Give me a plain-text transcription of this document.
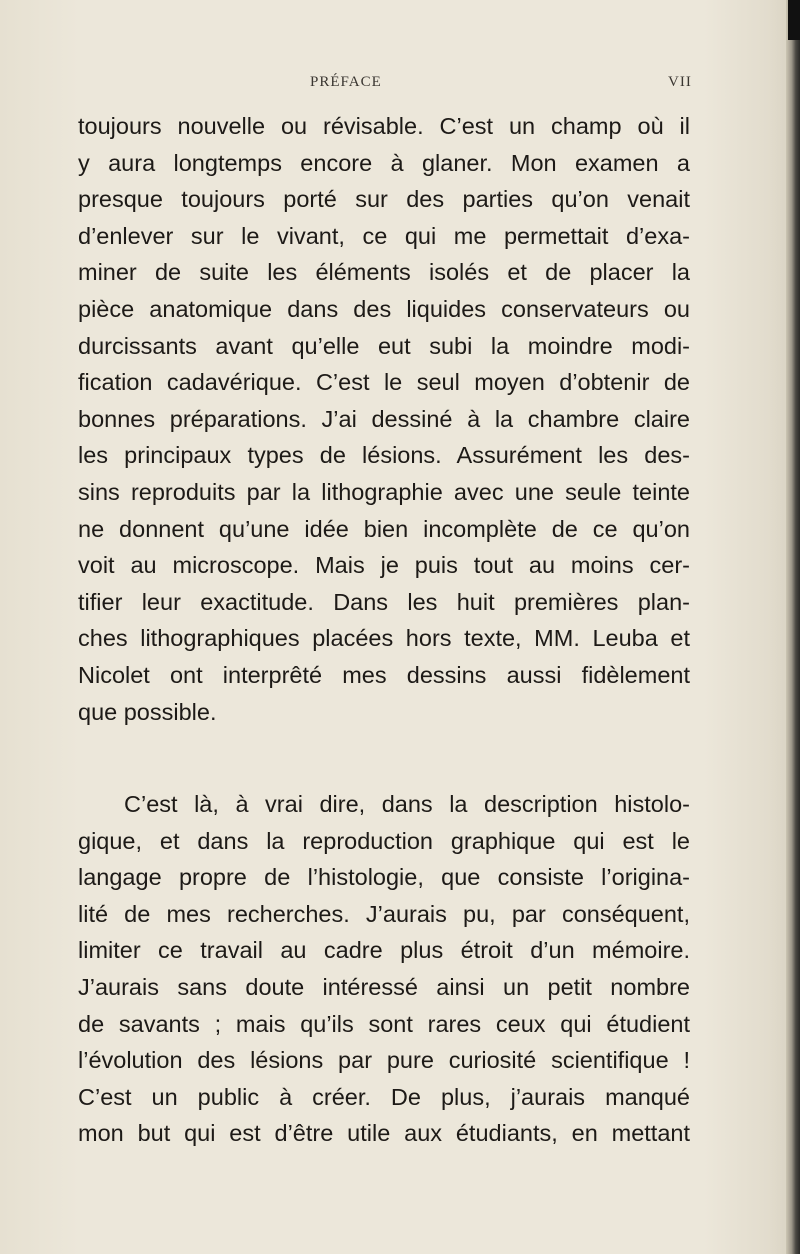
PRÉFACE	VII
toujours nouvelle ou révisable. C’est un champ où il
y aura longtemps encore à glaner. Mon examen a
presque toujours porté sur des parties qu’on venait
d’enlever sur le vivant, ce qui me permettait d’exa-
miner de suite les éléments isolés et de placer la
pièce anatomique dans des liquides conservateurs ou
durcissants avant qu’elle eut subi la moindre modi-
fication cadavérique. C’est le seul moyen d’obtenir de
bonnes préparations. J’ai dessiné à la chambre claire
les principaux types de lésions. Assurément les des-
sins reproduits par la lithographie avec une seule teinte
ne donnent qu’une idée bien incomplète de ce qu’on
voit au microscope. Mais je puis tout au moins cer-
tifier leur exactitude. Dans les huit premières plan-
ches lithographiques placées hors texte, MM. Leuba et
Nicolet ont interprêté mes dessins aussi fidèlement
que possible.
C’est là, à vrai dire, dans la description histolo-
gique, et dans la reproduction graphique qui est le
langage propre de l’histologie, que consiste l’origina-
lité de mes recherches. J’aurais pu, par conséquent,
limiter ce travail au cadre plus étroit d’un mémoire.
J’aurais sans doute intéressé ainsi un petit nombre
de savants ; mais qu’ils sont rares ceux qui étudient
l’évolution des lésions par pure curiosité scientifique !
C’est un public à créer. De plus, j’aurais manqué
mon but qui est d’être utile aux étudiants, en mettant
